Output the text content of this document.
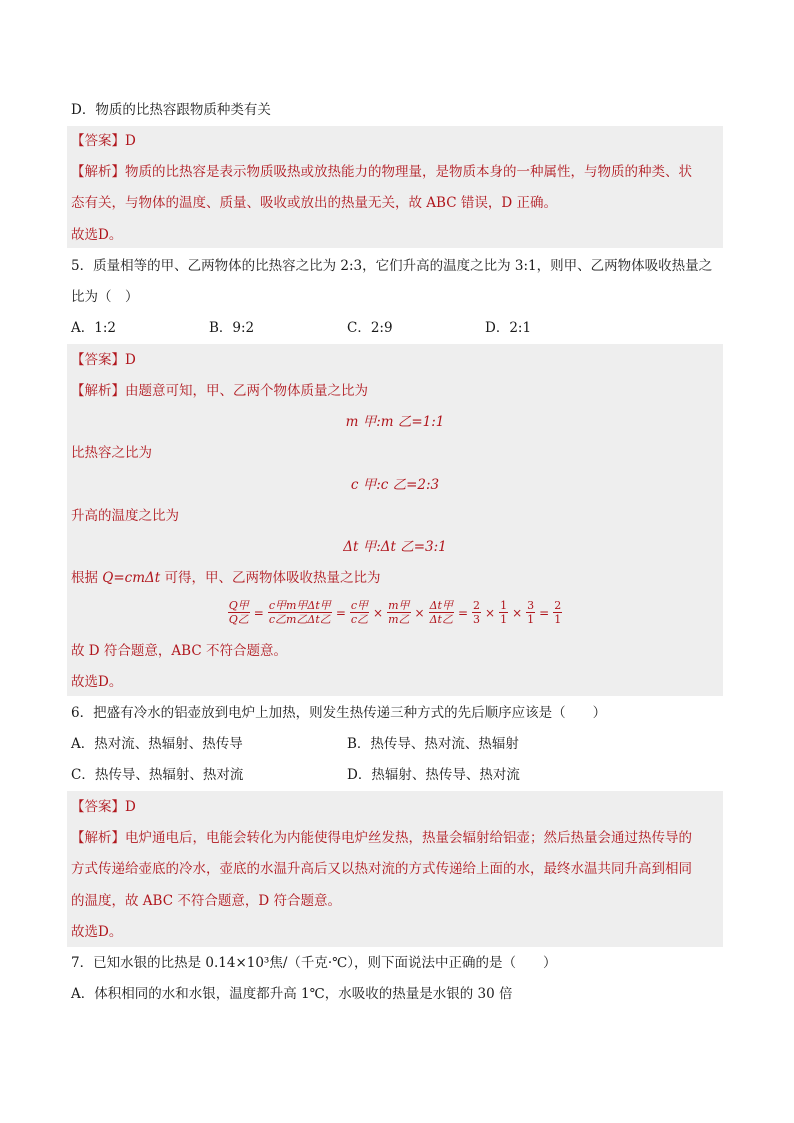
D．物质的比热容跟物质种类有关
【答案】D
【解析】物质的比热容是表示物质吸热或放热能力的物理量，是物质本身的一种属性，与物质的种类、状
态有关，与物体的温度、质量、吸收或放出的热量无关，故 ABC 错误，D 正确。
故选D。
5．质量相等的甲、乙两物体的比热容之比为 2:3，它们升高的温度之比为 3:1，则甲、乙两物体吸收热量之
比为（　）
A．1:2	B．9:2	C．2:9	D．2:1
【答案】D
【解析】由题意可知，甲、乙两个物体质量之比为
m 甲:m 乙=1:1
比热容之比为
c 甲:c 乙=2:3
升高的温度之比为
Δt 甲:Δt 乙=3:1
根据 Q=cmΔt 可得，甲、乙两物体吸收热量之比为
$\frac{\text{Q甲}}{\text{Q乙}} = \frac{\text{c甲m甲Δt甲}}{\text{c乙m乙Δt乙}} = \frac{\text{c甲}}{\text{c乙}} \times \frac{\text{m甲}}{\text{m乙}} \times \frac{\text{Δt甲}}{\text{Δt乙}} = \frac{2}{3} \times \frac{1}{1} \times \frac{3}{1} = \frac{2}{1}$
故 D 符合题意，ABC 不符合题意。
故选D。
6．把盛有冷水的铝壶放到电炉上加热，则发生热传递三种方式的先后顺序应该是（　　）
A．热对流、热辐射、热传导	B．热传导、热对流、热辐射
C．热传导、热辐射、热对流	D．热辐射、热传导、热对流
【答案】D
【解析】电炉通电后，电能会转化为内能使得电炉丝发热，热量会辐射给铝壶；然后热量会通过热传导的
方式传递给壶底的冷水，壶底的水温升高后又以热对流的方式传递给上面的水，最终水温共同升高到相同
的温度，故 ABC 不符合题意，D 符合题意。
故选D。
7．已知水银的比热是 0.14×10³焦/（千克·℃），则下面说法中正确的是（　　）
A．体积相同的水和水银，温度都升高 1℃，水吸收的热量是水银的 30 倍
